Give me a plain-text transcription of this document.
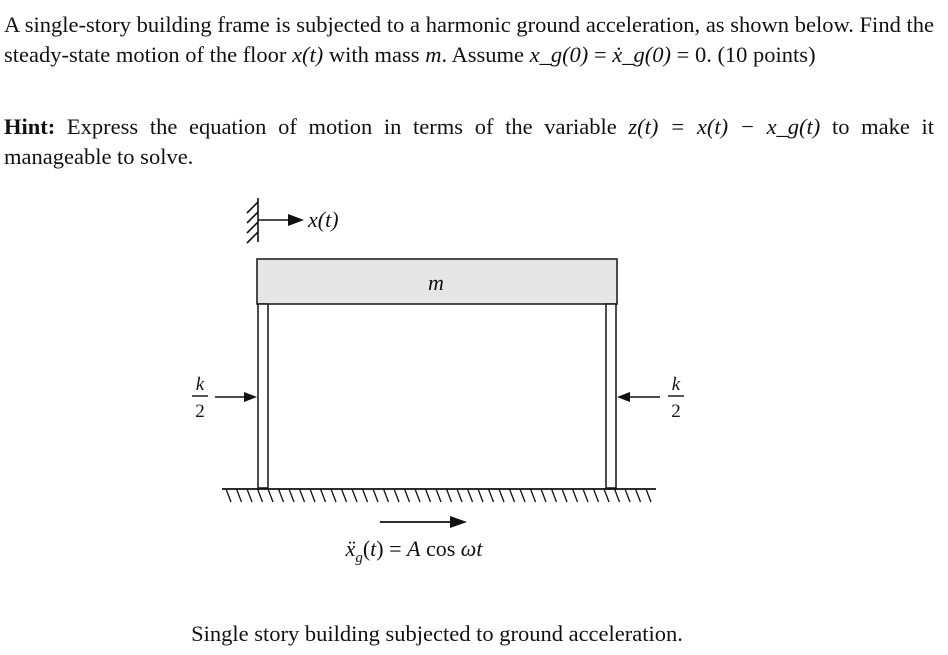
A single-story building frame is subjected to a harmonic ground acceleration, as shown below. Find the steady-state motion of the floor x(t) with mass m. Assume x_g(0) = ẋ_g(0) = 0. (10 points)

Hint: Express the equation of motion in terms of the variable z(t) = x(t) − x_g(t) to make it manageable to solve.

x(t)
m
k
2
k
2
ẍ$_g$(t) = A cos ωt

Single story building subjected to ground acceleration.
